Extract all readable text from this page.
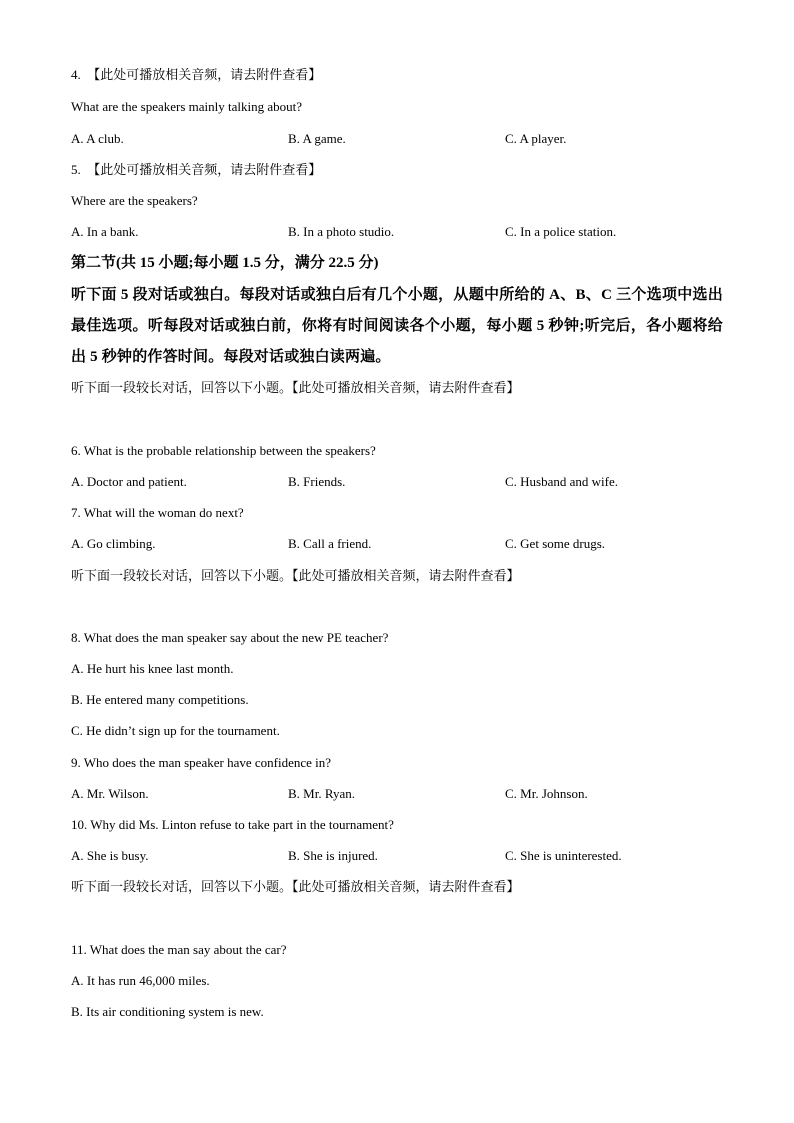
4. 【此处可播放相关音频，请去附件查看】
What are the speakers mainly talking about?
A. A club.	B. A game.	C. A player.
5. 【此处可播放相关音频，请去附件查看】
Where are the speakers?
A. In a bank.	B. In a photo studio.	C. In a police station.
第二节(共 15 小题;每小题 1.5 分，满分 22.5 分)
听下面 5 段对话或独白。每段对话或独白后有几个小题，从题中所给的 A、B、C 三个选项中选出最佳选项。听每段对话或独白前，你将有时间阅读各个小题，每小题 5 秒钟;听完后，各小题将给出 5 秒钟的作答时间。每段对话或独白读两遍。
听下面一段较长对话，回答以下小题。【此处可播放相关音频，请去附件查看】
6. What is the probable relationship between the speakers?
A. Doctor and patient.	B. Friends.	C. Husband and wife.
7. What will the woman do next?
A. Go climbing.	B. Call a friend.	C. Get some drugs.
听下面一段较长对话，回答以下小题。【此处可播放相关音频，请去附件查看】
8. What does the man speaker say about the new PE teacher?
A. He hurt his knee last month.
B. He entered many competitions.
C. He didn’t sign up for the tournament.
9. Who does the man speaker have confidence in?
A. Mr. Wilson.	B. Mr. Ryan.	C. Mr. Johnson.
10. Why did Ms. Linton refuse to take part in the tournament?
A. She is busy.	B. She is injured.	C. She is uninterested.
听下面一段较长对话，回答以下小题。【此处可播放相关音频，请去附件查看】
11. What does the man say about the car?
A. It has run 46,000 miles.
B. Its air conditioning system is new.
